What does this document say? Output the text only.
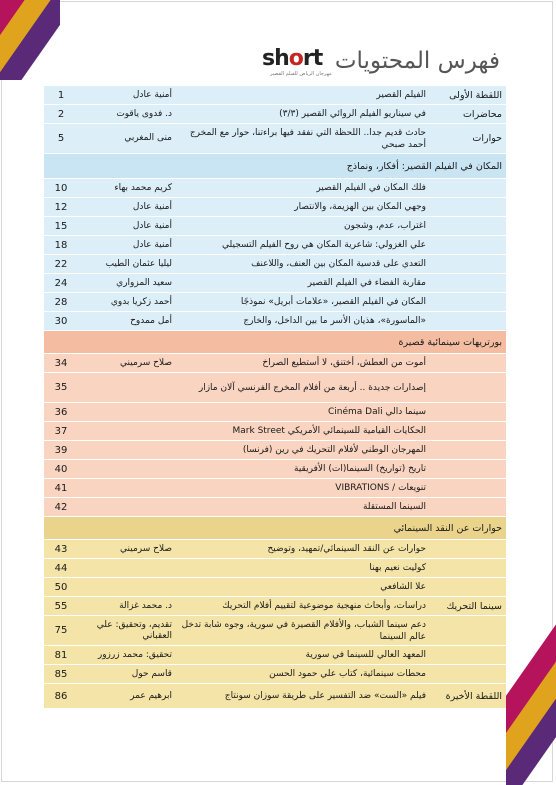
short
مهرجان الرياض للفيلم القصير فهرس المحتويات
اللقطة الأولى
الفيلم القصير
أمنية عادل
1
محاضرات
في سيناريو الفيلم الروائي القصير (٣/٣)
د. فدوى ياقوت
2
حوارات
حادث قديم جدا.. اللحظة التي نفقد فيها براءتنا، حوار مع المخرج أحمد صبحي
منى المغربي
5
المكان في الفيلم القصير: أفكار، ونماذج
فلك المكان في الفيلم القصير
كريم محمد بهاء
10
وجهي المكان بين الهزيمة، والانتصار
أمنية عادل
12
اغتراب، عدم، وشجون
أمنية عادل
15
علي الغزولي: شاعرية المكان هي روح الفيلم التسجيلي
أمنية عادل
18
التعدي على قدسية المكان بين العنف، واللاعنف
ليليا عثمان الطيب
22
مقاربة الفضاء في الفيلم القصير
سعيد المزواري
24
المكان في الفيلم القصير، «علامات أبريل» نموذجًا
أحمد زكريا بدوي
28
«الماسورة»، هذيان الأسر ما بين الداخل، والخارج
أمل ممدوح
30
بورتريهات سينمائية قصيرة
أموت من العطش، أختنق، لا أستطيع الصراخ
صلاح سرميني
34
إصدارات جديدة .. أربعة من أفلام المخرج الفرنسي آلان مازار
35
سينما دالي Cinéma Dali
36
الحكايات القيامية للسينمائي الأمريكي Mark Street
37
المهرجان الوطني لأفلام التحريك في رين (فرنسا)
39
تاريخ (تواريخ) السينما(ات) الأفريقية
40
تنويعات / VIBRATIONS
41
السينما المستقلة
42
حوارات عن النقد السينمائي
حوارات عن النقد السينمائي/تمهيد، وتوضيح
صلاح سرميني
43
كوليت نعيم بهنا
44
علا الشافعي
50
سينما التحريك
دراسات، وأبحاث منهجية موضوعية لتقييم أفلام التحريك
د. محمد غزالة
55
دعم سينما الشباب، والأفلام القصيرة في سورية، وجوه شابة تدخل عالم السينما
تقديم، وتحقيق: علي العقباني
75
المعهد العالي للسينما في سورية
تحقيق: محمد زرزور
81
محطات سينمائية، كتاب علي حمود الحسن
قاسم حول
85
اللقطة الأخيرة
فيلم «الست» ضد التفسير على طريقة سوزان سونتاج
ابرهيم عمر
86
